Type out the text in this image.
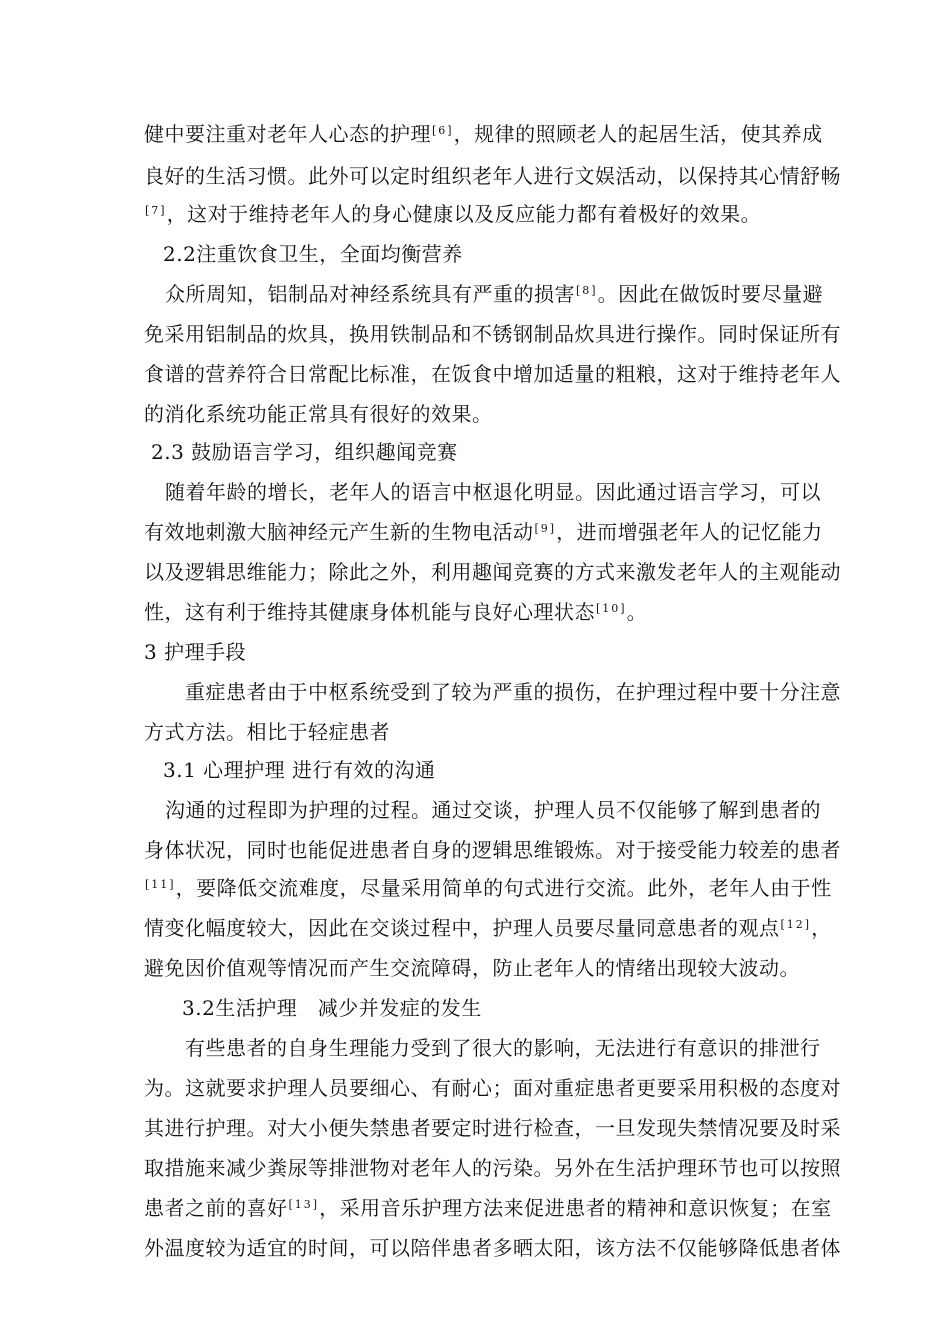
健中要注重对老年人心态的护理[6]，规律的照顾老人的起居生活，使其养成
良好的生活习惯。此外可以定时组织老年人进行文娱活动，以保持其心情舒畅
[7]，这对于维持老年人的身心健康以及反应能力都有着极好的效果。
2.2注重饮食卫生，全面均衡营养
众所周知，铝制品对神经系统具有严重的损害[8]。因此在做饭时要尽量避
免采用铝制品的炊具，换用铁制品和不锈钢制品炊具进行操作。同时保证所有
食谱的营养符合日常配比标准，在饭食中增加适量的粗粮，这对于维持老年人
的消化系统功能正常具有很好的效果。
2.3 鼓励语言学习，组织趣闻竞赛
随着年龄的增长，老年人的语言中枢退化明显。因此通过语言学习，可以
有效地刺激大脑神经元产生新的生物电活动[9]，进而增强老年人的记忆能力
以及逻辑思维能力；除此之外，利用趣闻竞赛的方式来激发老年人的主观能动
性，这有利于维持其健康身体机能与良好心理状态[10]。
3 护理手段
重症患者由于中枢系统受到了较为严重的损伤，在护理过程中要十分注意
方式方法。相比于轻症患者
3.1 心理护理 进行有效的沟通
沟通的过程即为护理的过程。通过交谈，护理人员不仅能够了解到患者的
身体状况，同时也能促进患者自身的逻辑思维锻炼。对于接受能力较差的患者
[11]，要降低交流难度，尽量采用简单的句式进行交流。此外，老年人由于性
情变化幅度较大，因此在交谈过程中，护理人员要尽量同意患者的观点[12]，
避免因价值观等情况而产生交流障碍，防止老年人的情绪出现较大波动。
3.2生活护理　减少并发症的发生
有些患者的自身生理能力受到了很大的影响，无法进行有意识的排泄行
为。这就要求护理人员要细心、有耐心；面对重症患者更要采用积极的态度对
其进行护理。对大小便失禁患者要定时进行检查，一旦发现失禁情况要及时采
取措施来减少粪尿等排泄物对老年人的污染。另外在生活护理环节也可以按照
患者之前的喜好[13]，采用音乐护理方法来促进患者的精神和意识恢复；在室
外温度较为适宜的时间，可以陪伴患者多晒太阳，该方法不仅能够降低患者体
